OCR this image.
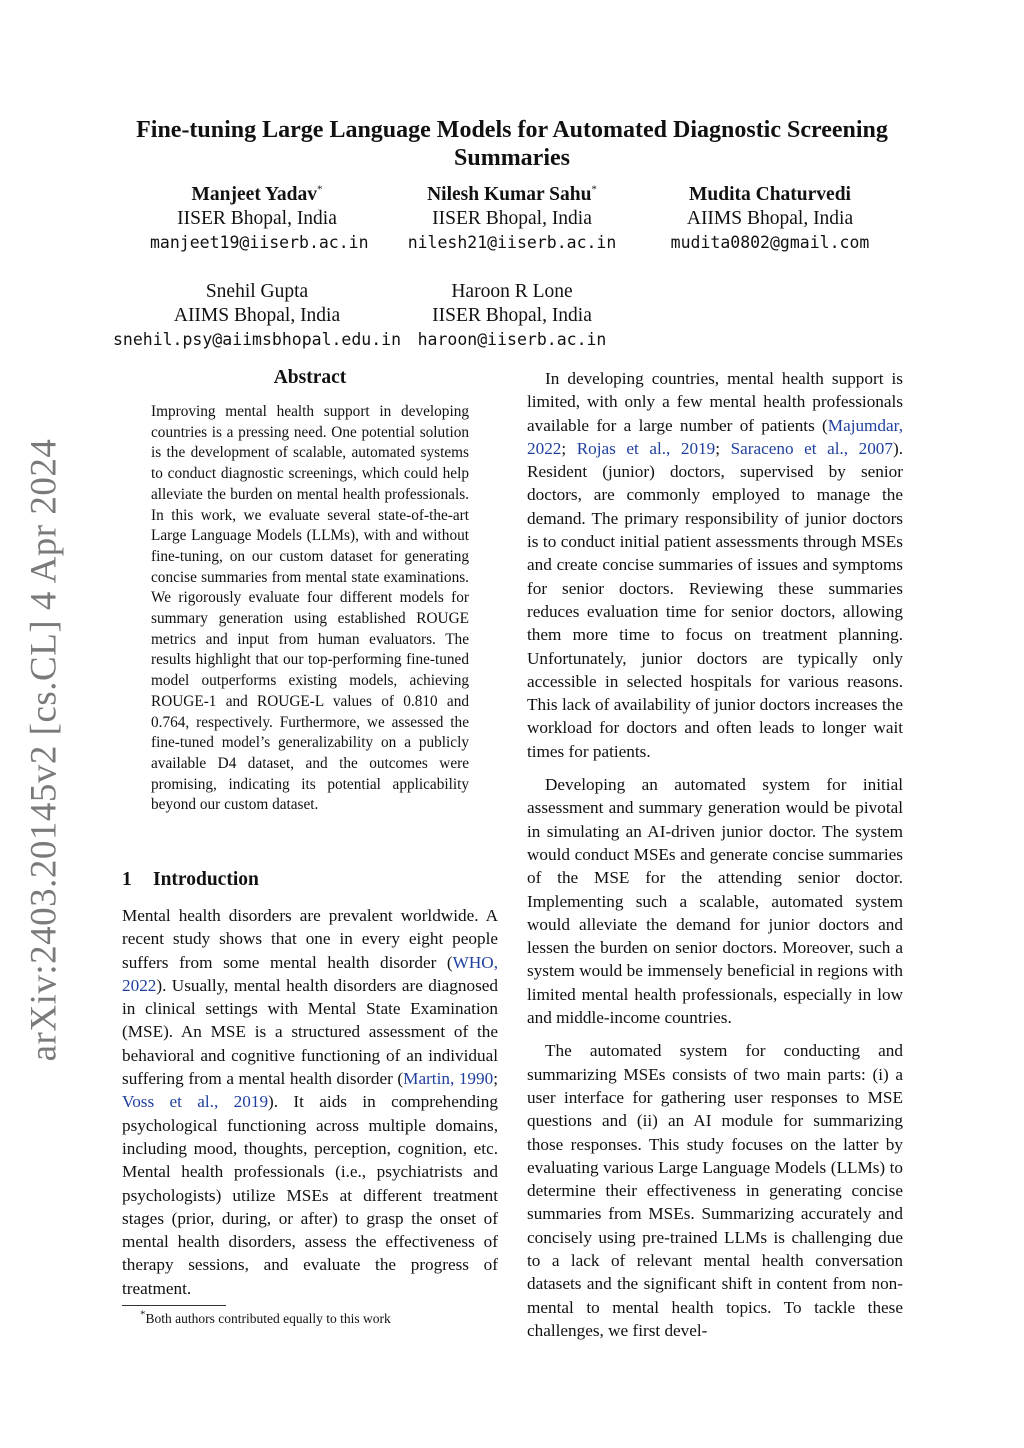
arXiv:2403.20145v2 [cs.CL] 4 Apr 2024
Fine-tuning Large Language Models for Automated Diagnostic Screening Summaries
Manjeet Yadav*
IISER Bhopal, India
manjeet19@iiserb.ac.in
Nilesh Kumar Sahu*
IISER Bhopal, India
nilesh21@iiserb.ac.in
Mudita Chaturvedi
AIIMS Bhopal, India
mudita0802@gmail.com
Snehil Gupta
AIIMS Bhopal, India
snehil.psy@aiimsbhopal.edu.in
Haroon R Lone
IISER Bhopal, India
haroon@iiserb.ac.in
Abstract
Improving mental health support in developing countries is a pressing need. One potential solution is the development of scalable, automated systems to conduct diagnostic screenings, which could help alleviate the burden on mental health professionals. In this work, we evaluate several state-of-the-art Large Language Models (LLMs), with and without fine-tuning, on our custom dataset for generating concise summaries from mental state examinations. We rigorously evaluate four different models for summary generation using established ROUGE metrics and input from human evaluators. The results highlight that our top-performing fine-tuned model outperforms existing models, achieving ROUGE-1 and ROUGE-L values of 0.810 and 0.764, respectively. Furthermore, we assessed the fine-tuned model’s generalizability on a publicly available D4 dataset, and the outcomes were promising, indicating its potential applicability beyond our custom dataset.
1 Introduction

Mental health disorders are prevalent worldwide. A recent study shows that one in every eight people suffers from some mental health disorder (WHO, 2022). Usually, mental health disorders are diagnosed in clinical settings with Mental State Examination (MSE). An MSE is a structured assessment of the behavioral and cognitive functioning of an individual suffering from a mental health disorder (Martin, 1990; Voss et al., 2019). It aids in comprehending psychological functioning across multiple domains, including mood, thoughts, perception, cognition, etc. Mental health professionals (i.e., psychiatrists and psychologists) utilize MSEs at different treatment stages (prior, during, or after) to grasp the onset of mental health disorders, assess the effectiveness of therapy sessions, and evaluate the progress of treatment.

In developing countries, mental health support is limited, with only a few mental health professionals available for a large number of patients (Majumdar, 2022; Rojas et al., 2019; Saraceno et al., 2007). Resident (junior) doctors, supervised by senior doctors, are commonly employed to manage the demand. The primary responsibility of junior doctors is to conduct initial patient assessments through MSEs and create concise summaries of issues and symptoms for senior doctors. Reviewing these summaries reduces evaluation time for senior doctors, allowing them more time to focus on treatment planning. Unfortunately, junior doctors are typically only accessible in selected hospitals for various reasons. This lack of availability of junior doctors increases the workload for doctors and often leads to longer wait times for patients.

Developing an automated system for initial assessment and summary generation would be pivotal in simulating an AI-driven junior doctor. The system would conduct MSEs and generate concise summaries of the MSE for the attending senior doctor. Implementing such a scalable, automated system would alleviate the demand for junior doctors and lessen the burden on senior doctors. Moreover, such a system would be immensely beneficial in regions with limited mental health professionals, especially in low and middle-income countries.

The automated system for conducting and summarizing MSEs consists of two main parts: (i) a user interface for gathering user responses to MSE questions and (ii) an AI module for summarizing those responses. This study focuses on the latter by evaluating various Large Language Models (LLMs) to determine their effectiveness in generating concise summaries from MSEs. Summarizing accurately and concisely using pre-trained LLMs is challenging due to a lack of relevant mental health conversation datasets and the significant shift in content from non-mental to mental health topics. To tackle these challenges, we first devel-

*Both authors contributed equally to this work
